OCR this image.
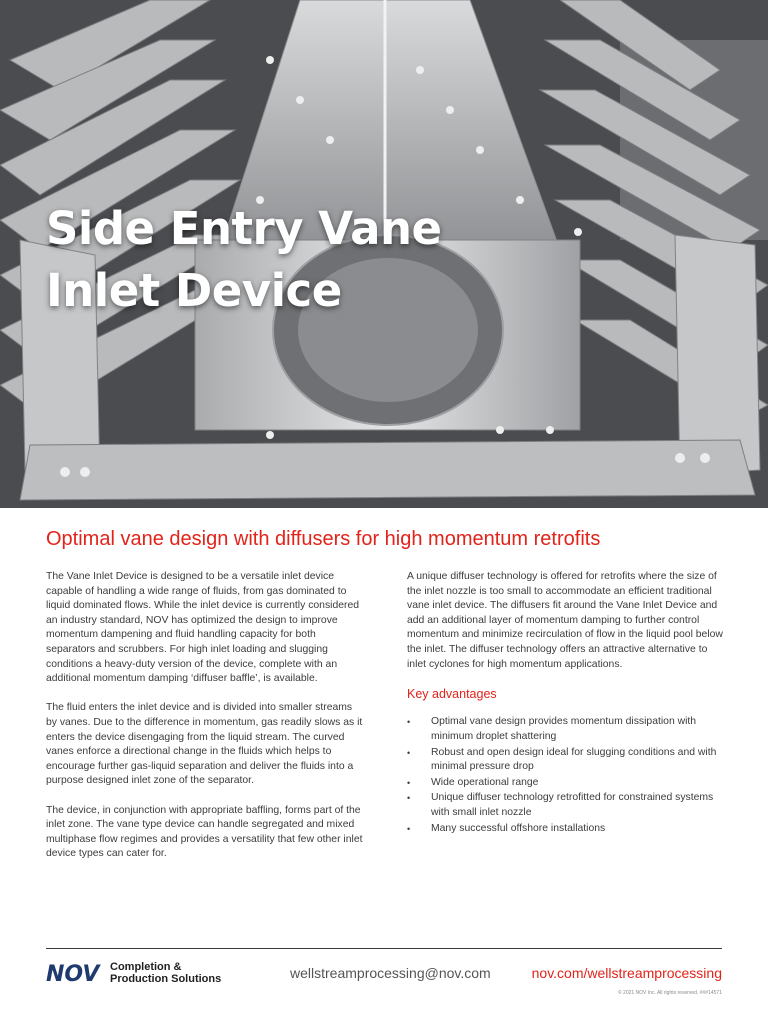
Side Entry Vane
Inlet Device
Optimal vane design with diffusers for high momentum retrofits

The Vane Inlet Device is designed to be a versatile inlet device capable of handling a wide range of fluids, from gas dominated to liquid dominated flows. While the inlet device is currently considered an industry standard, NOV has optimized the design to improve momentum dampening and fluid handling capacity for both separators and scrubbers. For high inlet loading and slugging conditions a heavy-duty version of the device, complete with an additional momentum damping ‘diffuser baffle’, is available.

The fluid enters the inlet device and is divided into smaller streams by vanes. Due to the difference in momentum, gas readily slows as it enters the device disengaging from the liquid stream. The curved vanes enforce a directional change in the fluids which helps to encourage further gas-liquid separation and deliver the fluids into a purpose designed inlet zone of the separator.

The device, in conjunction with appropriate baffling, forms part of the inlet zone. The vane type device can handle segregated and mixed multiphase flow regimes and provides a versatility that few other inlet device types can cater for.

A unique diffuser technology is offered for retrofits where the size of the inlet nozzle is too small to accommodate an efficient traditional vane inlet device. The diffusers fit around the Vane Inlet Device and add an additional layer of momentum damping to further control momentum and minimize recirculation of flow in the liquid pool below the inlet. The diffuser technology offers an attractive alternative to inlet cyclones for high momentum applications.

Key advantages
• Optimal vane design provides momentum dissipation with minimum droplet shattering
• Robust and open design ideal for slugging conditions and with minimal pressure drop
• Wide operational range
• Unique diffuser technology retrofitted for constrained systems with small inlet nozzle
• Many successful offshore installations
NOV Completion &
Production Solutions	wellstreamprocessing@nov.com	nov.com/wellstreamprocessing
© 2021 NOV Inc. All rights reserved. ###14571
